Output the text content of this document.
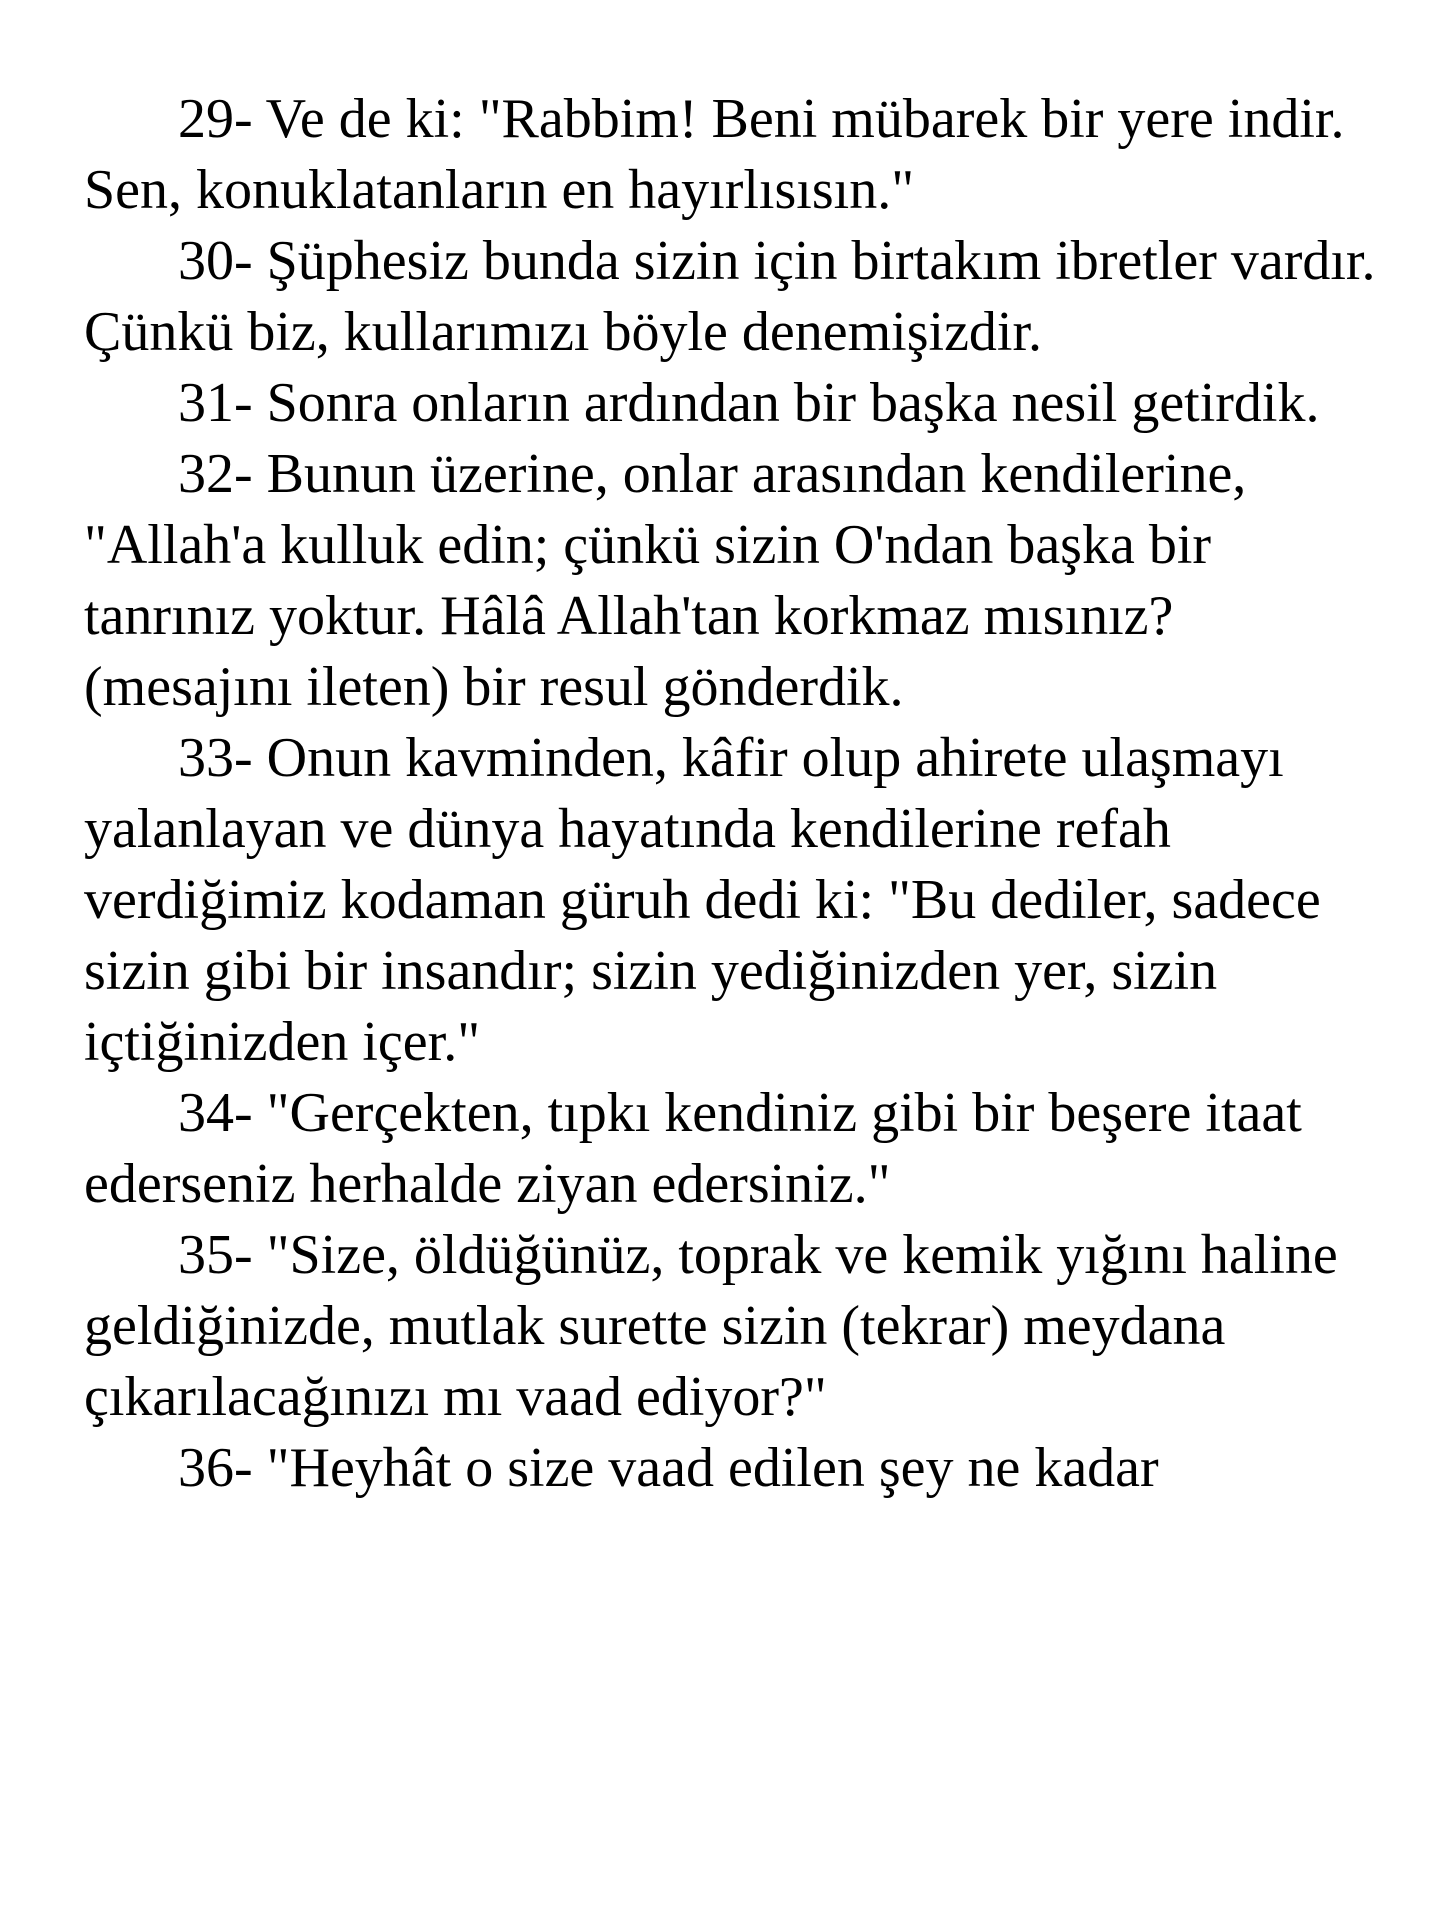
29- Ve de ki: "Rabbim! Beni mübarek bir yere indir. Sen, konuklatanların en hayırlısısın."

30- Şüphesiz bunda sizin için birtakım ibretler vardır. Çünkü biz, kullarımızı böyle denemişizdir.

31- Sonra onların ardından bir başka nesil getirdik.

32- Bunun üzerine, onlar arasından kendilerine, "Allah'a kulluk edin; çünkü sizin O'ndan başka bir tanrınız yoktur. Hâlâ Allah'tan korkmaz mısınız? (mesajını ileten) bir resul gönderdik.

33- Onun kavminden, kâfir olup ahirete ulaşmayı yalanlayan ve dünya hayatında kendilerine refah verdiğimiz kodaman güruh dedi ki: "Bu dediler, sadece sizin gibi bir insandır; sizin yediğinizden yer, sizin içtiğinizden içer."

34- "Gerçekten, tıpkı kendiniz gibi bir beşere itaat ederseniz herhalde ziyan edersiniz."

35- "Size, öldüğünüz, toprak ve kemik yığını haline geldiğinizde, mutlak surette sizin (tekrar) meydana çıkarılacağınızı mı vaad ediyor?"

36- "Heyhât o size vaad edilen şey ne kadar
